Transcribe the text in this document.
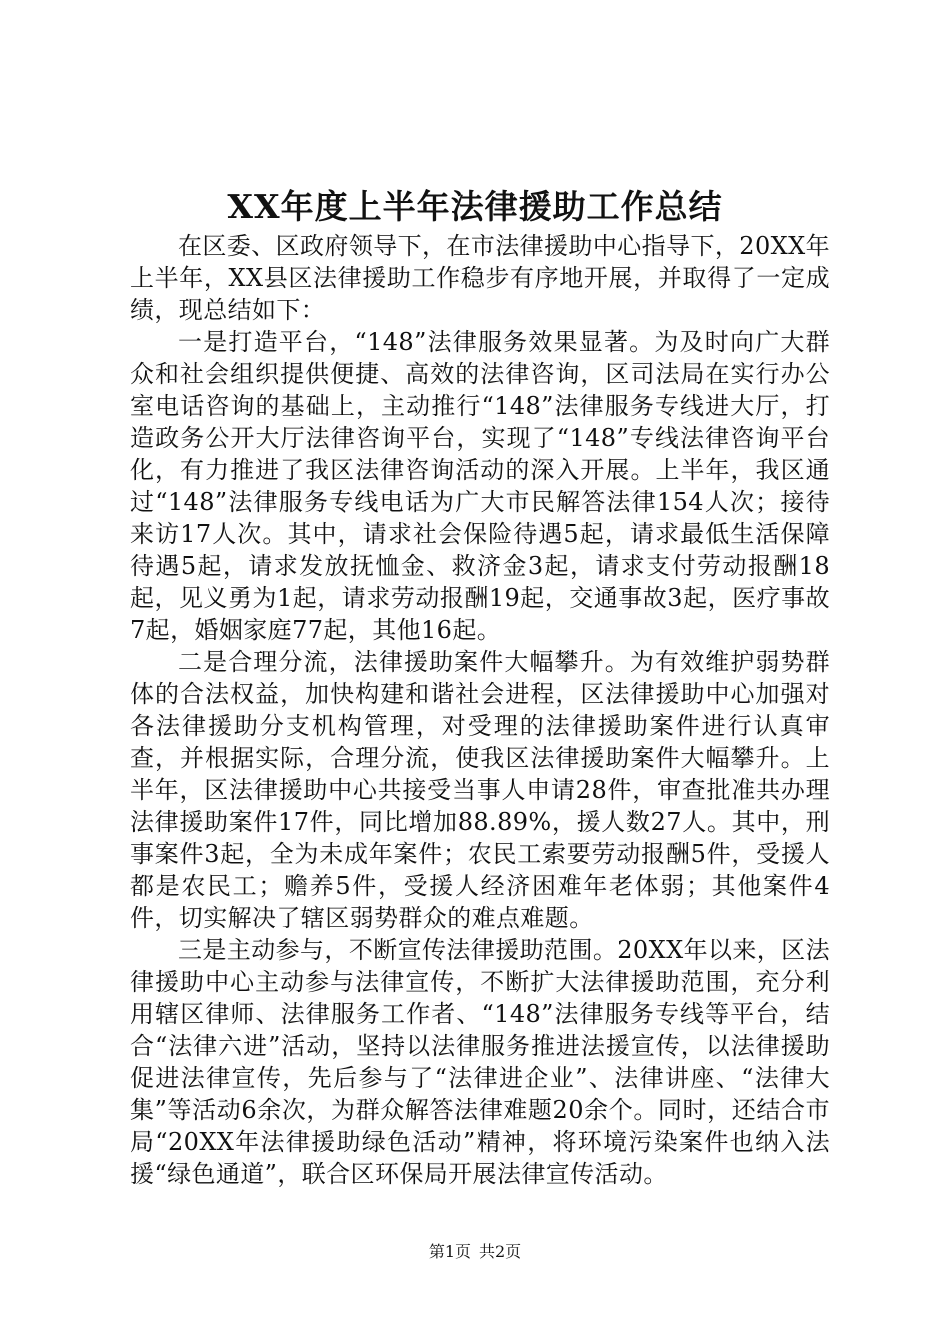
XX年度上半年法律援助工作总结

在区委、区政府领导下，在市法律援助中心指导下，20XX年上半年，XX县区法律援助工作稳步有序地开展，并取得了一定成绩，现总结如下：

一是打造平台，“148”法律服务效果显著。为及时向广大群众和社会组织提供便捷、高效的法律咨询，区司法局在实行办公室电话咨询的基础上，主动推行“148”法律服务专线进大厅，打造政务公开大厅法律咨询平台，实现了“148”专线法律咨询平台化，有力推进了我区法律咨询活动的深入开展。上半年，我区通过“148”法律服务专线电话为广大市民解答法律154人次；接待来访17人次。其中，请求社会保险待遇5起，请求最低生活保障待遇5起，请求发放抚恤金、救济金3起，请求支付劳动报酬18起，见义勇为1起，请求劳动报酬19起，交通事故3起，医疗事故7起，婚姻家庭77起，其他16起。

二是合理分流，法律援助案件大幅攀升。为有效维护弱势群体的合法权益，加快构建和谐社会进程，区法律援助中心加强对各法律援助分支机构管理，对受理的法律援助案件进行认真审查，并根据实际，合理分流，使我区法律援助案件大幅攀升。上半年，区法律援助中心共接受当事人申请28件，审查批准共办理法律援助案件17件，同比增加88.89%，援人数27人。其中，刑事案件3起，全为未成年案件；农民工索要劳动报酬5件，受援人都是农民工；赡养5件，受援人经济困难年老体弱；其他案件4件，切实解决了辖区弱势群众的难点难题。

三是主动参与，不断宣传法律援助范围。20XX年以来，区法律援助中心主动参与法律宣传，不断扩大法律援助范围，充分利用辖区律师、法律服务工作者、“148”法律服务专线等平台，结合“法律六进”活动，坚持以法律服务推进法援宣传，以法律援助促进法律宣传，先后参与了“法律进企业”、法律讲座、“法律大集”等活动6余次，为群众解答法律难题20余个。同时，还结合市局“20XX年法律援助绿色活动”精神，将环境污染案件也纳入法援“绿色通道”，联合区环保局开展法律宣传活动。

第1页 共2页
